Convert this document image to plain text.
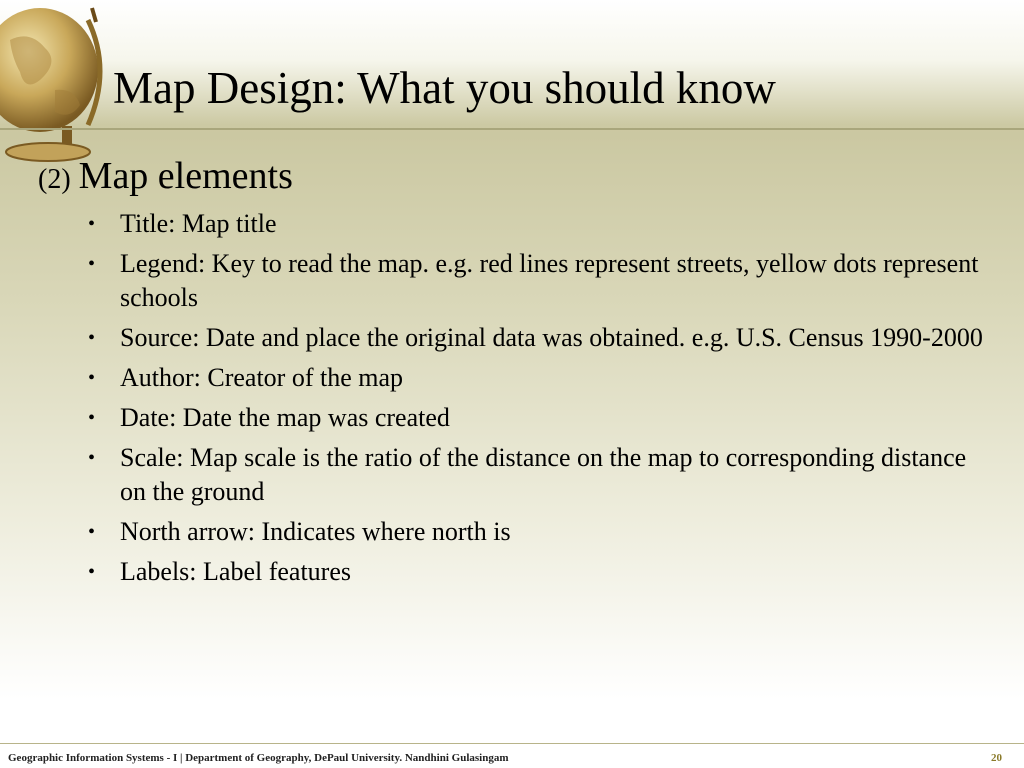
Map Design: What you should know
(2) Map elements
• Title: Map title
• Legend: Key to read the map. e.g. red lines represent streets, yellow dots represent schools
• Source: Date and place the original data was obtained. e.g. U.S. Census 1990-2000
• Author: Creator of the map
• Date: Date the map was created
• Scale: Map scale is the ratio of the distance on the map to corresponding distance on the ground
• North arrow: Indicates where north is
• Labels: Label features
Geographic Information Systems - I | Department of Geography, DePaul University. Nandhini Gulasingam	20
